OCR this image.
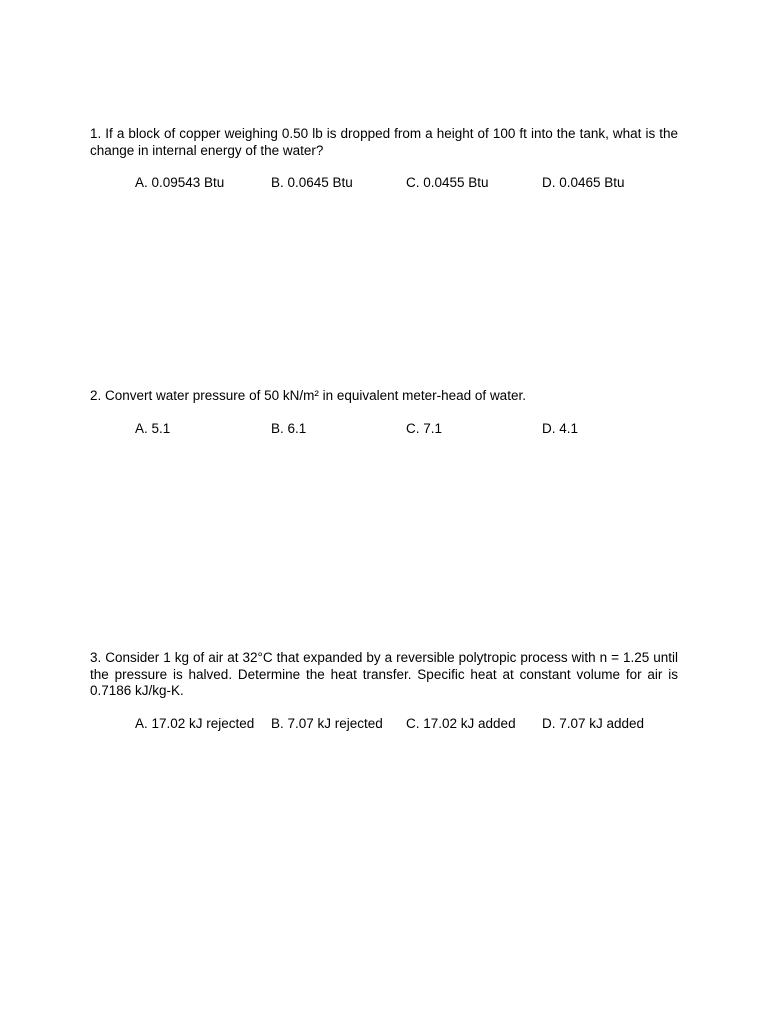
1. If a block of copper weighing 0.50 lb is dropped from a height of 100 ft into the tank, what is the change in internal energy of the water?

A. 0.09543 Btu	B. 0.0645 Btu	C. 0.0455 Btu	D. 0.0465 Btu

2. Convert water pressure of 50 kN/m² in equivalent meter-head of water.

A. 5.1	B. 6.1	C. 7.1	D. 4.1

3. Consider 1 kg of air at 32°C that expanded by a reversible polytropic process with n = 1.25 until the pressure is halved. Determine the heat transfer. Specific heat at constant volume for air is 0.7186 kJ/kg-K.

A. 17.02 kJ rejected B. 7.07 kJ rejected C. 17.02 kJ added D. 7.07 kJ added
